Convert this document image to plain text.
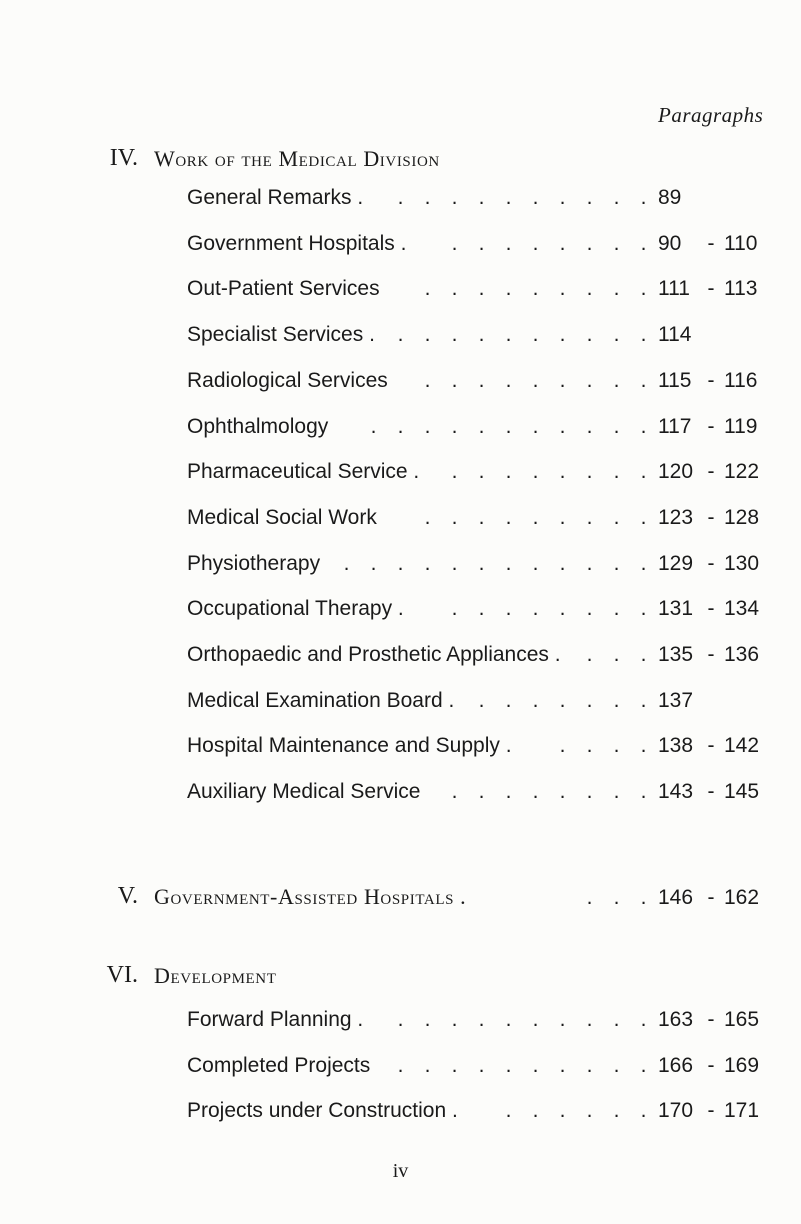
Paragraphs
IV. Work of the Medical Division
General Remarks .	. . . . . . . . . . 89
Government Hospitals .	. . . . . . . . 90	- 110
Out-Patient Services	. . . . . . . . . 111 - 113
Specialist Services .	. . . . . . . . . . 114
Radiological Services	. . . . . . . . . 115 - 116
Ophthalmology	. . . . . . . . . . . 117 - 119
Pharmaceutical Service .	. . . . . . . . 120 - 122
Medical Social Work	. . . . . . . . . 123 - 128
Physiotherapy	. . . . . . . . . . . . 129 - 130
Occupational Therapy .	. . . . . . . . 131 - 134
Orthopaedic and Prosthetic Appliances .	. . . 135 - 136
Medical Examination Board .	. . . . . . . 137
Hospital Maintenance and Supply .	. . . . 138 - 142
Auxiliary Medical Service	. . . . . . . . 143 - 145
V. Government-Assisted Hospitals .	. . . 146 - 162
VI. Development
Forward Planning .	. . . . . . . . . . 163 - 165
Completed Projects	. . . . . . . . . . 166 - 169
Projects under Construction .	. . . . . . 170 - 171
iv
